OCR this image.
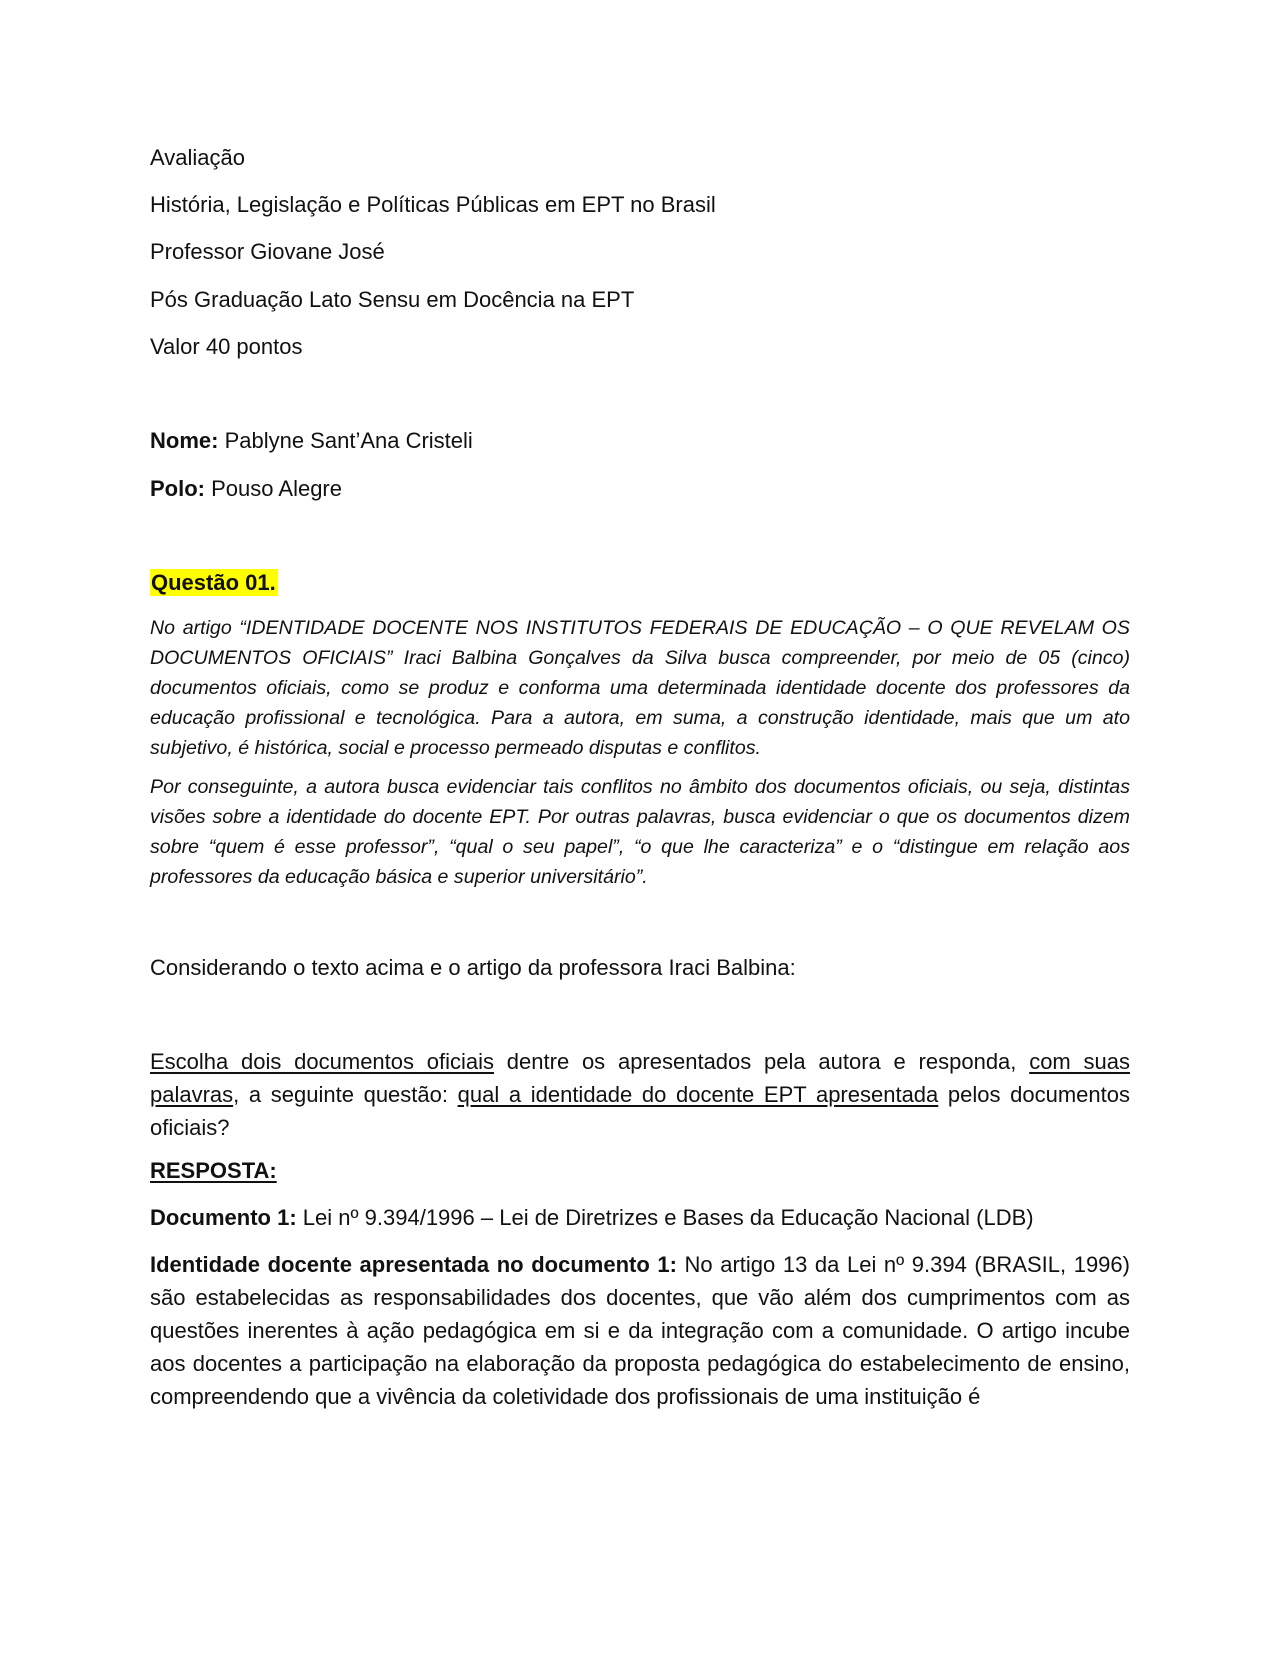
Avaliação
História, Legislação e Políticas Públicas em EPT no Brasil
Professor Giovane José
Pós Graduação Lato Sensu em Docência na EPT
Valor 40 pontos
Nome: Pablyne Sant’Ana Cristeli
Polo: Pouso Alegre
Questão 01.
No artigo “IDENTIDADE DOCENTE NOS INSTITUTOS FEDERAIS DE EDUCAÇÃO – O QUE REVELAM OS DOCUMENTOS OFICIAIS” Iraci Balbina Gonçalves da Silva busca compreender, por meio de 05 (cinco) documentos oficiais, como se produz e conforma uma determinada identidade docente dos professores da educação profissional e tecnológica. Para a autora, em suma, a construção identidade, mais que um ato subjetivo, é histórica, social e processo permeado disputas e conflitos.
Por conseguinte, a autora busca evidenciar tais conflitos no âmbito dos documentos oficiais, ou seja, distintas visões sobre a identidade do docente EPT. Por outras palavras, busca evidenciar o que os documentos dizem sobre “quem é esse professor”, “qual o seu papel”, “o que lhe caracteriza” e o “distingue em relação aos professores da educação básica e superior universitário”.
Considerando o texto acima e o artigo da professora Iraci Balbina:
Escolha dois documentos oficiais dentre os apresentados pela autora e responda, com suas palavras, a seguinte questão: qual a identidade do docente EPT apresentada pelos documentos oficiais?
RESPOSTA:
Documento 1: Lei nº 9.394/1996 – Lei de Diretrizes e Bases da Educação Nacional (LDB)
Identidade docente apresentada no documento 1: No artigo 13 da Lei nº 9.394 (BRASIL, 1996) são estabelecidas as responsabilidades dos docentes, que vão além dos cumprimentos com as questões inerentes à ação pedagógica em si e da integração com a comunidade. O artigo incube aos docentes a participação na elaboração da proposta pedagógica do estabelecimento de ensino, compreendendo que a vivência da coletividade dos profissionais de uma instituição é
